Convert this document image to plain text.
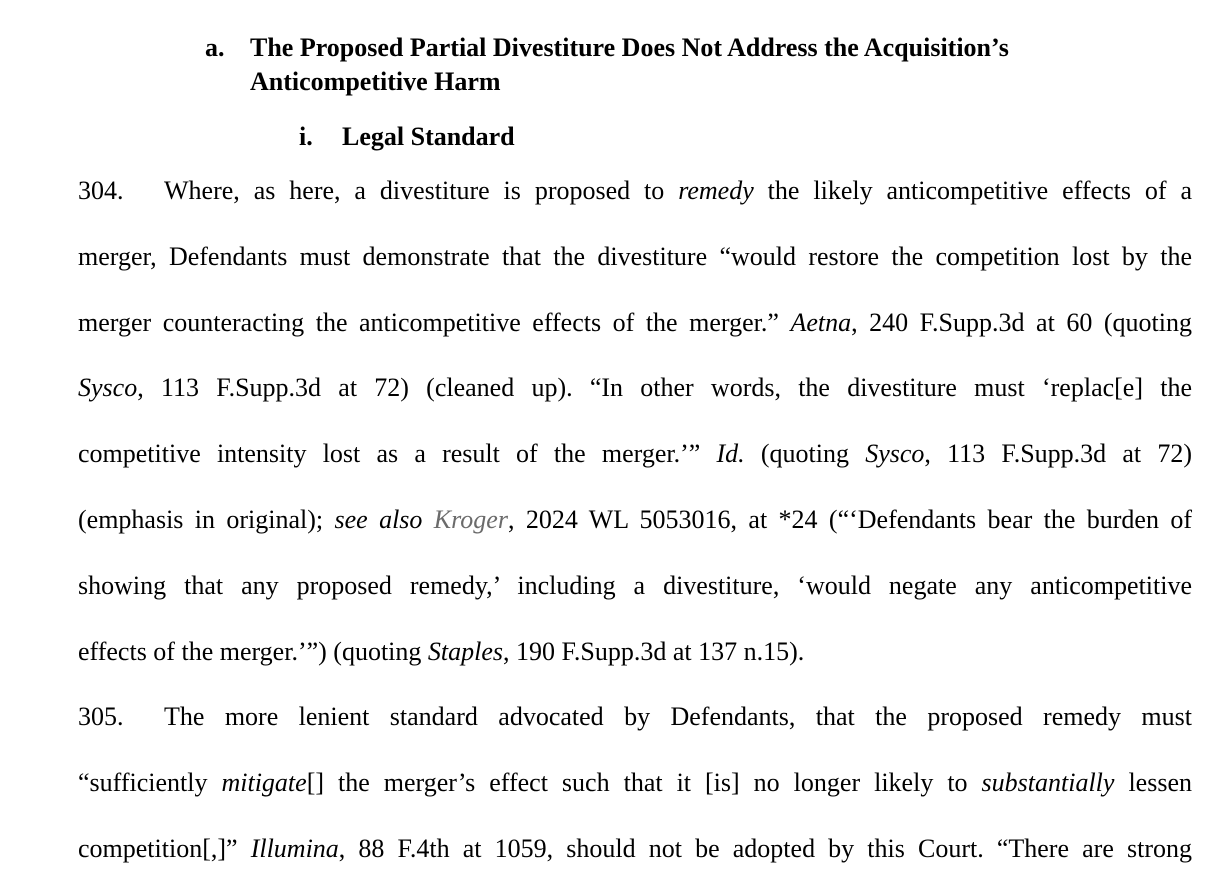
a. The Proposed Partial Divestiture Does Not Address the Acquisition’s
Anticompetitive Harm
i. Legal Standard
304. Where, as here, a divestiture is proposed to remedy the likely anticompetitive effects of a
merger, Defendants must demonstrate that the divestiture “would restore the competition lost by the
merger counteracting the anticompetitive effects of the merger.” Aetna, 240 F.Supp.3d at 60 (quoting
Sysco, 113 F.Supp.3d at 72) (cleaned up). “In other words, the divestiture must ‘replac[e] the
competitive intensity lost as a result of the merger.’” Id. (quoting Sysco, 113 F.Supp.3d at 72)
(emphasis in original); see also Kroger, 2024 WL 5053016, at *24 (“‘Defendants bear the burden of
showing that any proposed remedy,’ including a divestiture, ‘would negate any anticompetitive
effects of the merger.’”) (quoting Staples, 190 F.Supp.3d at 137 n.15).
305. The more lenient standard advocated by Defendants, that the proposed remedy must
“sufficiently mitigate[] the merger’s effect such that it [is] no longer likely to substantially lessen
competition[,]” Illumina, 88 F.4th at 1059, should not be adopted by this Court. “There are strong
